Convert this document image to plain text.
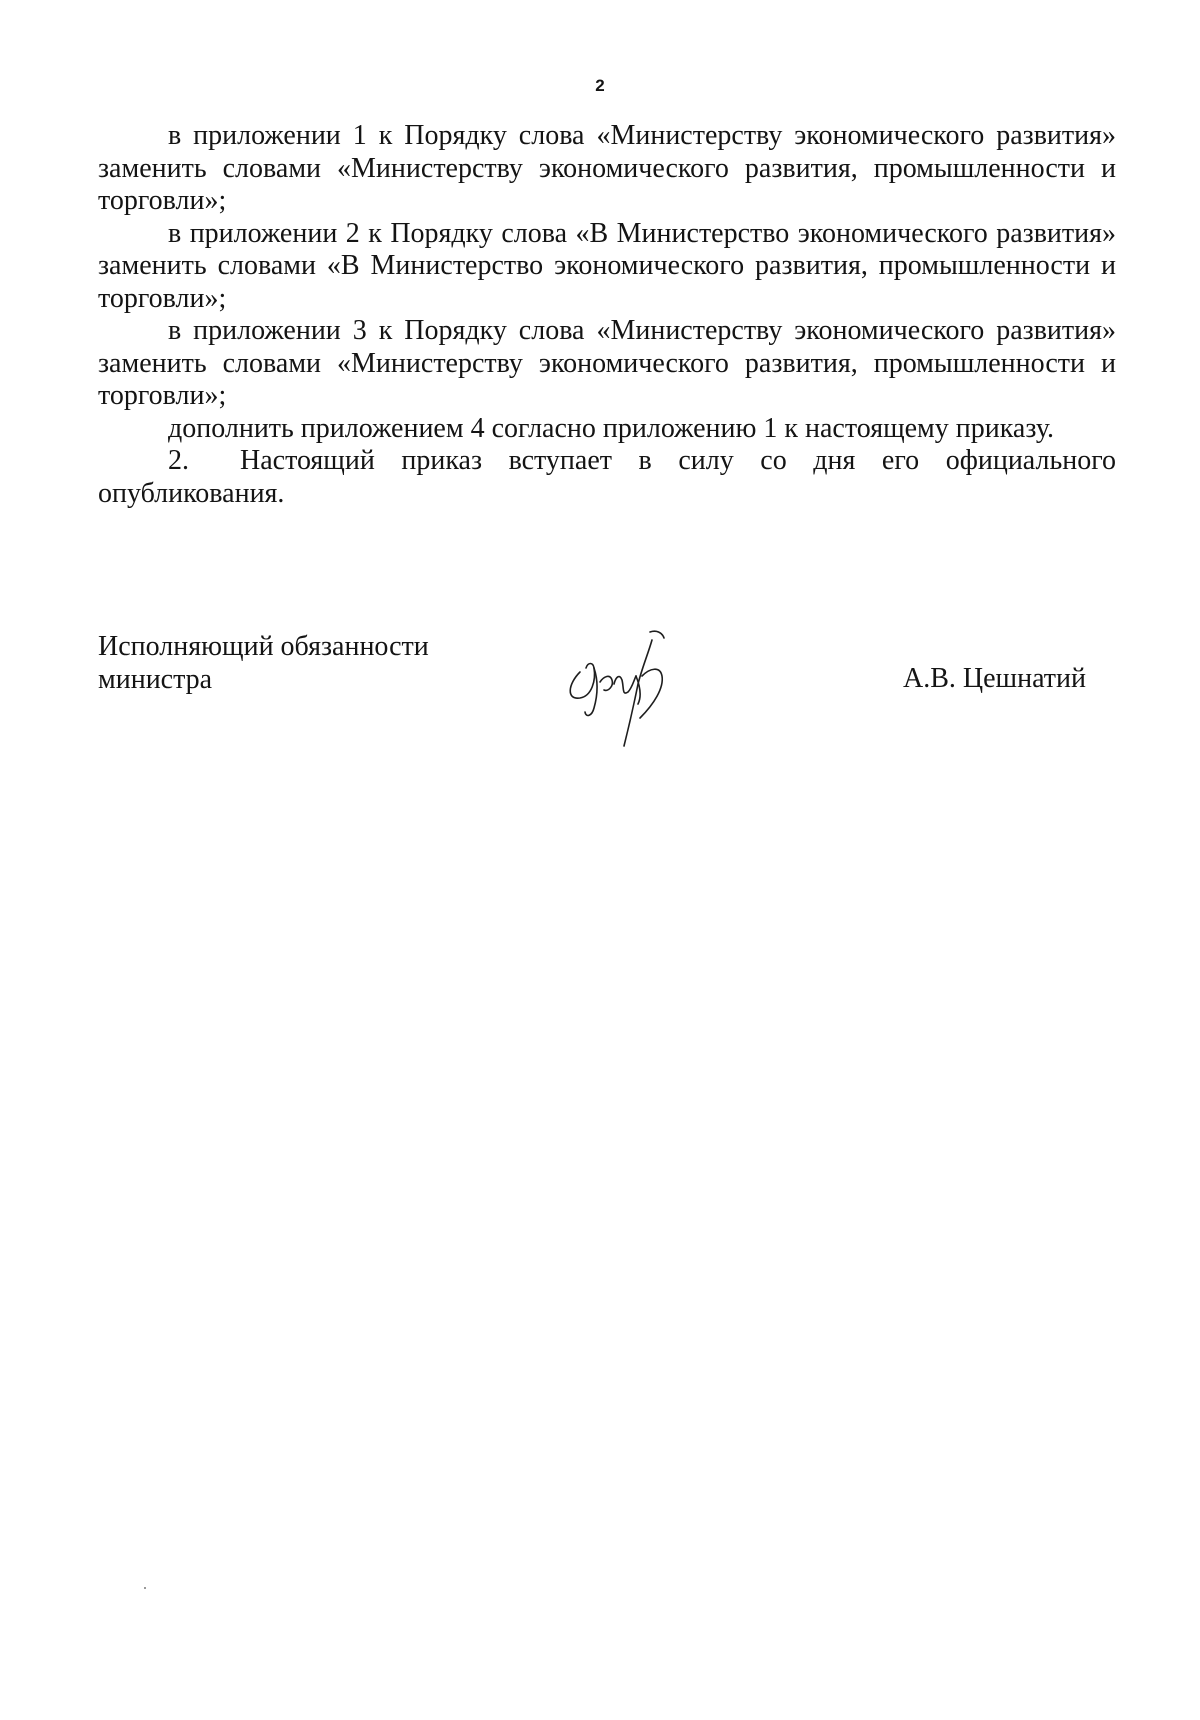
2

в приложении 1 к Порядку слова «Министерству экономического развития» заменить словами «Министерству экономического развития, промышленности и торговли»;

в приложении 2 к Порядку слова «В Министерство экономического развития» заменить словами «В Министерство экономического развития, промышленности и торговли»;

в приложении 3 к Порядку слова «Министерству экономического развития» заменить словами «Министерству экономического развития, промышленности и торговли»;

дополнить приложением 4 согласно приложению 1 к настоящему приказу.

2. Настоящий приказ вступает в силу со дня его официального опубликования.

Исполняющий обязанности
министра	А.В. Цешнатий
